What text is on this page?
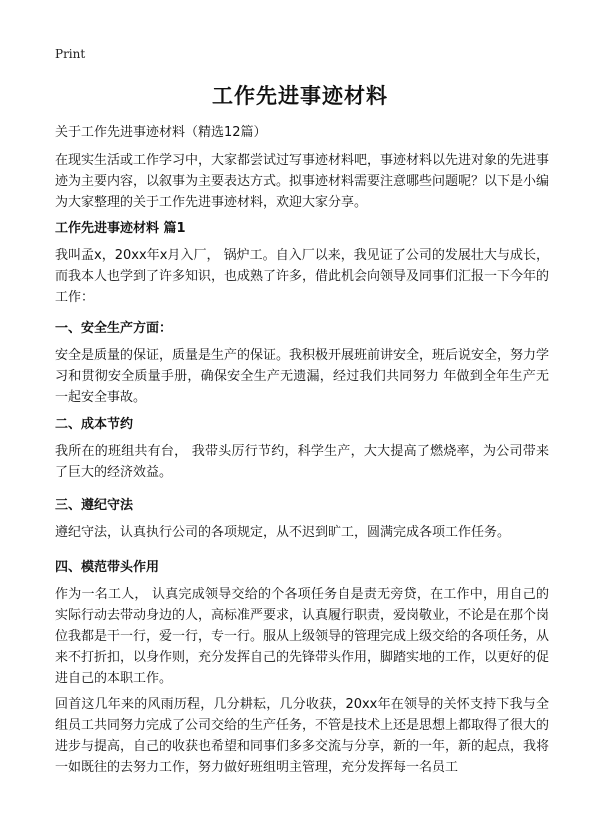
Print
工作先进事迹材料
关于工作先进事迹材料（精选12篇）

在现实生活或工作学习中，大家都尝试过写事迹材料吧，事迹材料以先进对象的先进事迹为主要内容，以叙事为主要表达方式。拟事迹材料需要注意哪些问题呢？以下是小编为大家整理的关于工作先进事迹材料，欢迎大家分享。

工作先进事迹材料 篇1

我叫孟x，20xx年x月入厂， 锅炉工。自入厂以来，我见证了公司的发展壮大与成长，而我本人也学到了许多知识，也成熟了许多，借此机会向领导及同事们汇报一下今年的工作：

一、安全生产方面：

安全是质量的保证，质量是生产的保证。我积极开展班前讲安全，班后说安全，努力学习和贯彻安全质量手册，确保安全生产无遗漏，经过我们共同努力 年做到全年生产无一起安全事故。

二、成本节约

我所在的班组共有台， 我带头厉行节约，科学生产，大大提高了燃烧率，为公司带来了巨大的经济效益。

三、遵纪守法

遵纪守法，认真执行公司的各项规定，从不迟到旷工，圆满完成各项工作任务。

四、模范带头作用

作为一名工人， 认真完成领导交给的个各项任务自是责无旁贷，在工作中，用自己的实际行动去带动身边的人，高标准严要求，认真履行职责，爱岗敬业，不论是在那个岗位我都是干一行，爱一行，专一行。服从上级领导的管理完成上级交给的各项任务，从来不打折扣，以身作则，充分发挥自己的先锋带头作用，脚踏实地的工作，以更好的促进自己的本职工作。

回首这几年来的风雨历程，几分耕耘，几分收获，20xx年在领导的关怀支持下我与全组员工共同努力完成了公司交给的生产任务，不管是技术上还是思想上都取得了很大的进步与提高，自己的收获也希望和同事们多多交流与分享，新的一年，新的起点，我将一如既往的去努力工作，努力做好班组明主管理，充分发挥每一名员工
